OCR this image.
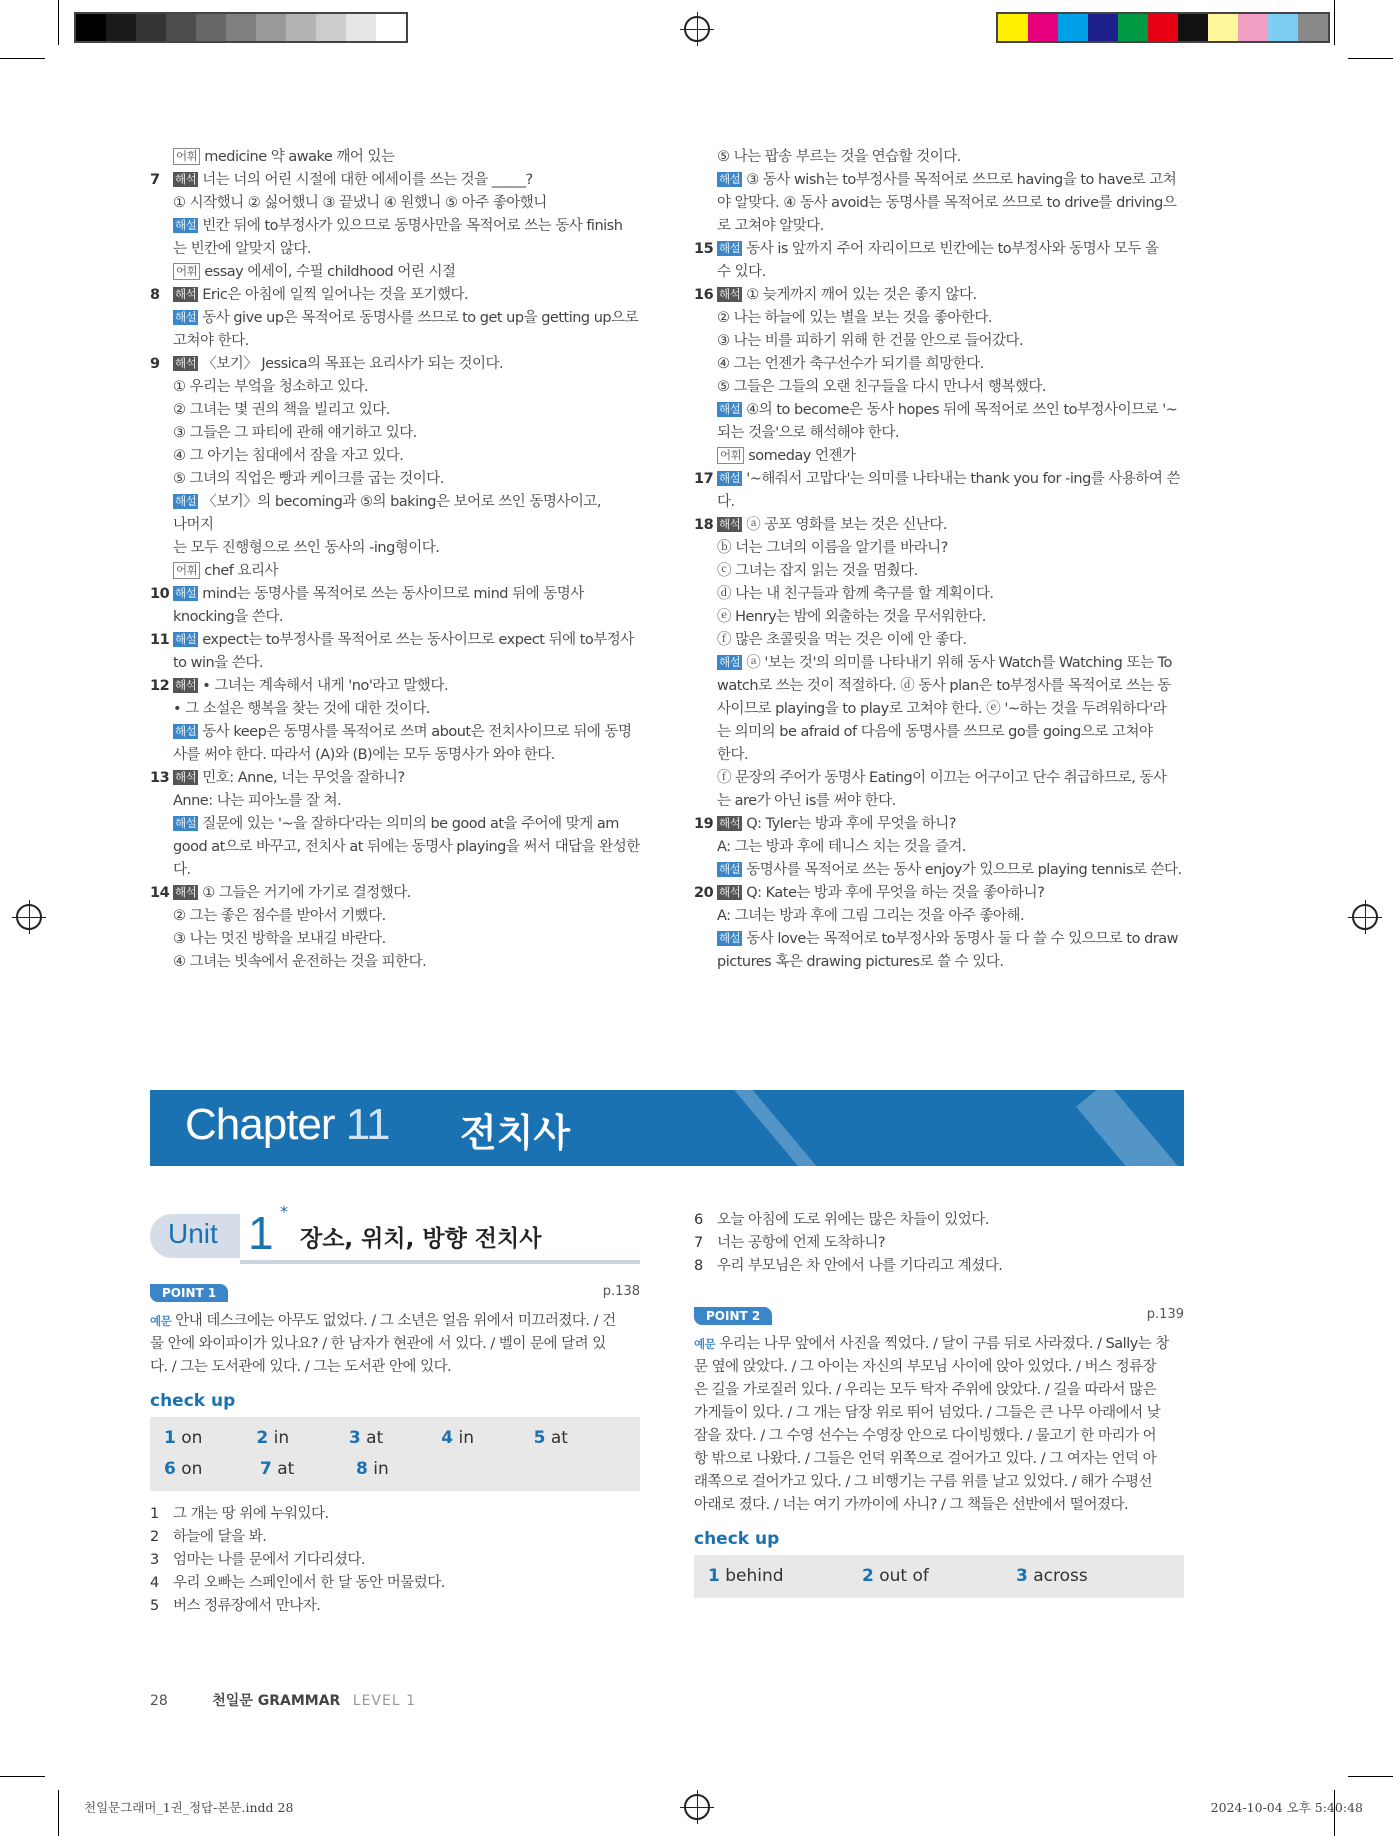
어휘 medicine 약 awake 깨어 있는
7 해석 너는 너의 어린 시절에 대한 에세이를 쓰는 것을 _____?
① 시작했니 ② 싫어했니 ③ 끝냈니 ④ 원했니 ⑤ 아주 좋아했니
해설 빈칸 뒤에 to부정사가 있으므로 동명사만을 목적어로 쓰는 동사 finish
는 빈칸에 알맞지 않다.
어휘 essay 에세이, 수필 childhood 어린 시절
8 해석 Eric은 아침에 일찍 일어나는 것을 포기했다.
해설 동사 give up은 목적어로 동명사를 쓰므로 to get up을 getting up으로
고쳐야 한다.
9 해석 〈보기〉 Jessica의 목표는 요리사가 되는 것이다.
① 우리는 부엌을 청소하고 있다.
② 그녀는 몇 권의 책을 빌리고 있다.
③ 그들은 그 파티에 관해 얘기하고 있다.
④ 그 아기는 침대에서 잠을 자고 있다.
⑤ 그녀의 직업은 빵과 케이크를 굽는 것이다.
해설 〈보기〉의 becoming과 ⑤의 baking은 보어로 쓰인 동명사이고, 나머지
는 모두 진행형으로 쓰인 동사의 -ing형이다.
어휘 chef 요리사
10 해설 mind는 동명사를 목적어로 쓰는 동사이므로 mind 뒤에 동명사
knocking을 쓴다.
11 해설 expect는 to부정사를 목적어로 쓰는 동사이므로 expect 뒤에 to부정사
to win을 쓴다.
12 해석 • 그녀는 계속해서 내게 'no'라고 말했다.
• 그 소설은 행복을 찾는 것에 대한 것이다.
해설 동사 keep은 동명사를 목적어로 쓰며 about은 전치사이므로 뒤에 동명
사를 써야 한다. 따라서 (A)와 (B)에는 모두 동명사가 와야 한다.
13 해석 민호: Anne, 너는 무엇을 잘하니?
Anne: 나는 피아노를 잘 쳐.
해설 질문에 있는 '~을 잘하다'라는 의미의 be good at을 주어에 맞게 am
good at으로 바꾸고, 전치사 at 뒤에는 동명사 playing을 써서 대답을 완성한
다.
14 해석 ① 그들은 거기에 가기로 결정했다.
② 그는 좋은 점수를 받아서 기뻤다.
③ 나는 멋진 방학을 보내길 바란다.
④ 그녀는 빗속에서 운전하는 것을 피한다.
⑤ 나는 팝송 부르는 것을 연습할 것이다.
해설 ③ 동사 wish는 to부정사를 목적어로 쓰므로 having을 to have로 고쳐
야 알맞다. ④ 동사 avoid는 동명사를 목적어로 쓰므로 to drive를 driving으
로 고쳐야 알맞다.
15 해설 동사 is 앞까지 주어 자리이므로 빈칸에는 to부정사와 동명사 모두 올
수 있다.
16 해석 ① 늦게까지 깨어 있는 것은 좋지 않다.
② 나는 하늘에 있는 별을 보는 것을 좋아한다.
③ 나는 비를 피하기 위해 한 건물 안으로 들어갔다.
④ 그는 언젠가 축구선수가 되기를 희망한다.
⑤ 그들은 그들의 오랜 친구들을 다시 만나서 행복했다.
해설 ④의 to become은 동사 hopes 뒤에 목적어로 쓰인 to부정사이므로 '~
되는 것을'으로 해석해야 한다.
어휘 someday 언젠가
17 해설 '~해줘서 고맙다'는 의미를 나타내는 thank you for -ing를 사용하여 쓴
다.
18 해석 ⓐ 공포 영화를 보는 것은 신난다.
ⓑ 너는 그녀의 이름을 알기를 바라니?
ⓒ 그녀는 잡지 읽는 것을 멈췄다.
ⓓ 나는 내 친구들과 함께 축구를 할 계획이다.
ⓔ Henry는 밤에 외출하는 것을 무서워한다.
ⓕ 많은 초콜릿을 먹는 것은 이에 안 좋다.
해설 ⓐ '보는 것'의 의미를 나타내기 위해 동사 Watch를 Watching 또는 To
watch로 쓰는 것이 적절하다. ⓓ 동사 plan은 to부정사를 목적어로 쓰는 동
사이므로 playing을 to play로 고쳐야 한다. ⓔ '~하는 것을 두려워하다'라
는 의미의 be afraid of 다음에 동명사를 쓰므로 go를 going으로 고쳐야 한다.
ⓕ 문장의 주어가 동명사 Eating이 이끄는 어구이고 단수 취급하므로, 동사
는 are가 아닌 is를 써야 한다.
19 해석 Q: Tyler는 방과 후에 무엇을 하니?
A: 그는 방과 후에 테니스 치는 것을 즐겨.
해설 동명사를 목적어로 쓰는 동사 enjoy가 있으므로 playing tennis로 쓴다.
20 해석 Q: Kate는 방과 후에 무엇을 하는 것을 좋아하니?
A: 그녀는 방과 후에 그림 그리는 것을 아주 좋아해.
해설 동사 love는 목적어로 to부정사와 동명사 둘 다 쓸 수 있으므로 to draw
pictures 혹은 drawing pictures로 쓸 수 있다.
Chapter 11 전치사
Unit 1 *
장소, 위치, 방향 전치사
POINT 1	p.138
예문 안내 데스크에는 아무도 없었다. / 그 소년은 얼음 위에서 미끄러졌다. / 건
물 안에 와이파이가 있나요? / 한 남자가 현관에 서 있다. / 벨이 문에 달려 있
다. / 그는 도서관에 있다. / 그는 도서관 안에 있다.
check up
1 on	2 in	3 at	4 in	5 at
6 on	7 at	8 in
1 그 개는 땅 위에 누워있다.
2 하늘에 달을 봐.
3 엄마는 나를 문에서 기다리셨다.
4 우리 오빠는 스페인에서 한 달 동안 머물렀다.
5 버스 정류장에서 만나자.
6 오늘 아침에 도로 위에는 많은 차들이 있었다.
7 너는 공항에 언제 도착하니?
8 우리 부모님은 차 안에서 나를 기다리고 계셨다.
POINT 2	p.139
예문 우리는 나무 앞에서 사진을 찍었다. / 달이 구름 뒤로 사라졌다. / Sally는 창
문 옆에 앉았다. / 그 아이는 자신의 부모님 사이에 앉아 있었다. / 버스 정류장
은 길을 가로질러 있다. / 우리는 모두 탁자 주위에 앉았다. / 길을 따라서 많은
가게들이 있다. / 그 개는 담장 위로 뛰어 넘었다. / 그들은 큰 나무 아래에서 낮
잠을 잤다. / 그 수영 선수는 수영장 안으로 다이빙했다. / 물고기 한 마리가 어
항 밖으로 나왔다. / 그들은 언덕 위쪽으로 걸어가고 있다. / 그 여자는 언덕 아
래쪽으로 걸어가고 있다. / 그 비행기는 구름 위를 날고 있었다. / 해가 수평선
아래로 졌다. / 너는 여기 가까이에 사니? / 그 책들은 선반에서 떨어졌다.
check up
1 behind	2 out of	3 across
28	천일문 GRAMMAR LEVEL 1
천일문그래머_1권_정답-본문.indd 28	2024-10-04 오후 5:40:48
